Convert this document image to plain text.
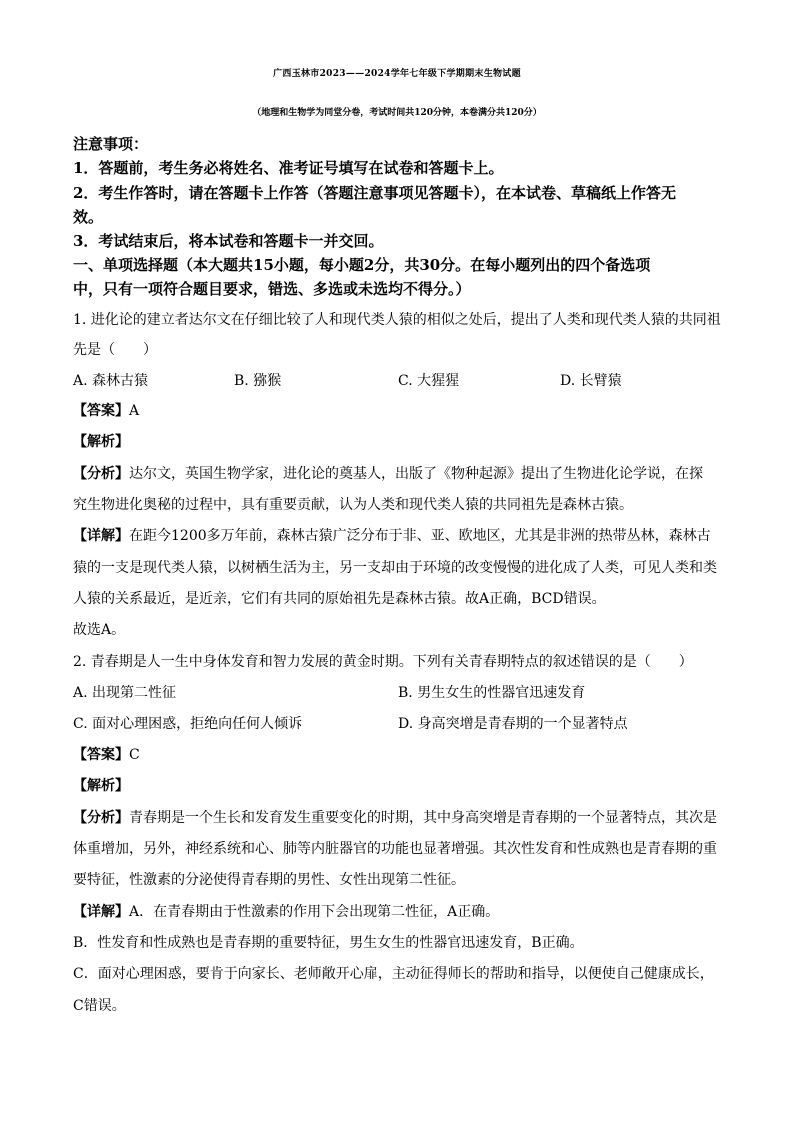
广西玉林市2023——2024学年七年级下学期期末生物试题
（地理和生物学为同堂分卷，考试时间共120分钟，本卷满分共120分）
注意事项：
1．答题前，考生务必将姓名、准考证号填写在试卷和答题卡上。
2．考生作答时，请在答题卡上作答（答题注意事项见答题卡），在本试卷、草稿纸上作答无
效。
3．考试结束后，将本试卷和答题卡一并交回。
一、单项选择题（本大题共15小题，每小题2分，共30分。在每小题列出的四个备选项
中，只有一项符合题目要求，错选、多选或未选均不得分。）
1. 进化论的建立者达尔文在仔细比较了人和现代类人猿的相似之处后，提出了人类和现代类人猿的共同祖
先是（　　）
A. 森林古猿	B. 猕猴	C. 大猩猩	D. 长臂猿
【答案】A
【解析】
【分析】达尔文，英国生物学家，进化论的奠基人，出版了《物种起源》提出了生物进化论学说，在探
究生物进化奥秘的过程中，具有重要贡献，认为人类和现代类人猿的共同祖先是森林古猿。
【详解】在距今1200多万年前，森林古猿广泛分布于非、亚、欧地区，尤其是非洲的热带丛林，森林古
猿的一支是现代类人猿，以树栖生活为主，另一支却由于环境的改变慢慢的进化成了人类，可见人类和类
人猿的关系最近，是近亲，它们有共同的原始祖先是森林古猿。故A正确，BCD错误。
故选A。
2. 青春期是人一生中身体发育和智力发展的黄金时期。下列有关青春期特点的叙述错误的是（　　）
A. 出现第二性征	B. 男生女生的性器官迅速发育
C. 面对心理困惑，拒绝向任何人倾诉	D. 身高突增是青春期的一个显著特点
【答案】C
【解析】
【分析】青春期是一个生长和发育发生重要变化的时期，其中身高突增是青春期的一个显著特点，其次是
体重增加，另外，神经系统和心、肺等内脏器官的功能也显著增强。其次性发育和性成熟也是青春期的重
要特征，性激素的分泌使得青春期的男性、女性出现第二性征。
【详解】A．在青春期由于性激素的作用下会出现第二性征，A正确。
B．性发育和性成熟也是青春期的重要特征，男生女生的性器官迅速发育，B正确。
C．面对心理困惑，要肯于向家长、老师敞开心扉，主动征得师长的帮助和指导，以便使自己健康成长，
C错误。
